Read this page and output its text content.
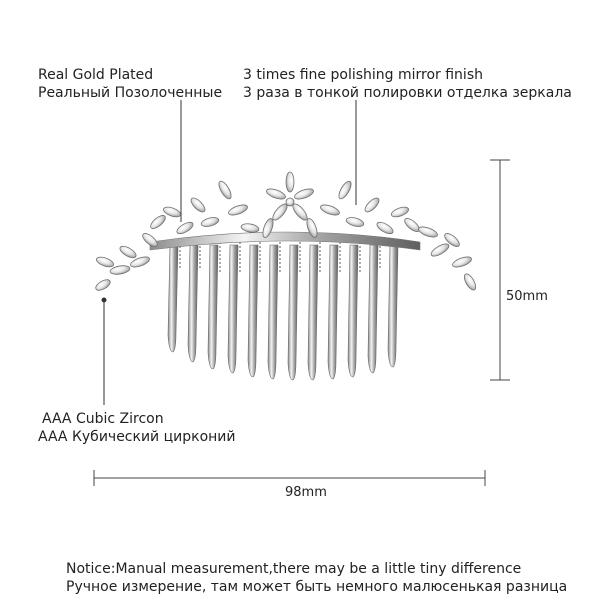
Real Gold Plated
Реальный Позолоченные
3 times fine polishing mirror finish
3 раза в тонкой полировки отделка зеркала
AAA Cubic Zircon
AAA Кубический цирконий
50mm
98mm
Notice:Manual measurement,there may be a little tiny difference
Ручное измерение, там может быть немного малюсенькая разница
